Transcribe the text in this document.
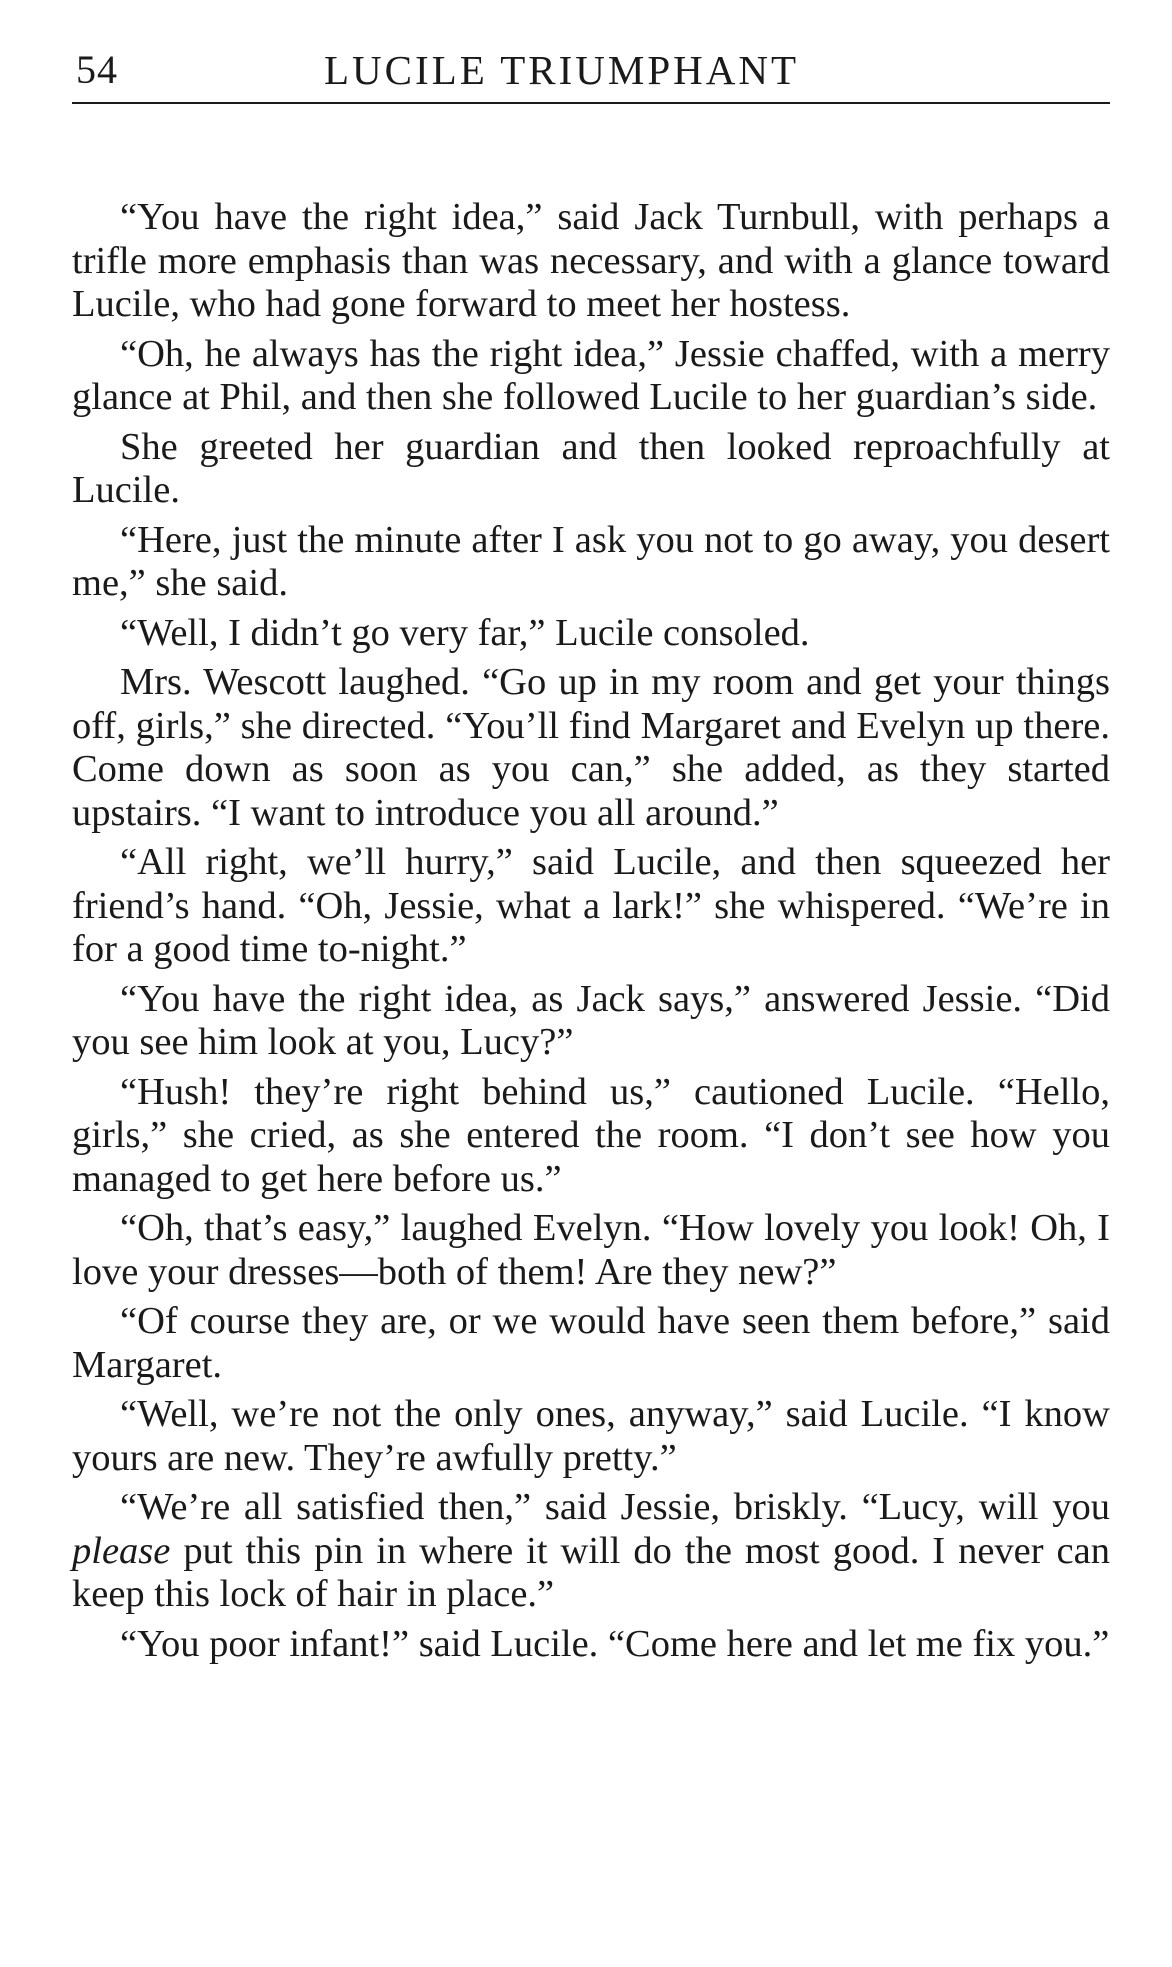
54	LUCILE TRIUMPHANT

“You have the right idea,” said Jack Turnbull, with perhaps a trifle more emphasis than was necessary, and with a glance toward Lucile, who had gone forward to meet her hostess.

“Oh, he always has the right idea,” Jessie chaffed, with a merry glance at Phil, and then she followed Lucile to her guardian’s side.

She greeted her guardian and then looked reproachfully at Lucile.

“Here, just the minute after I ask you not to go away, you desert me,” she said.

“Well, I didn’t go very far,” Lucile consoled.

Mrs. Wescott laughed. “Go up in my room and get your things off, girls,” she directed. “You’ll find Margaret and Evelyn up there. Come down as soon as you can,” she added, as they started upstairs. “I want to introduce you all around.”

“All right, we’ll hurry,” said Lucile, and then squeezed her friend’s hand. “Oh, Jessie, what a lark!” she whispered. “We’re in for a good time to-night.”

“You have the right idea, as Jack says,” answered Jessie. “Did you see him look at you, Lucy?”

“Hush! they’re right behind us,” cautioned Lucile. “Hello, girls,” she cried, as she entered the room. “I don’t see how you managed to get here before us.”

“Oh, that’s easy,” laughed Evelyn. “How lovely you look! Oh, I love your dresses—both of them! Are they new?”

“Of course they are, or we would have seen them before,” said Margaret.

“Well, we’re not the only ones, anyway,” said Lucile. “I know yours are new. They’re awfully pretty.”

“We’re all satisfied then,” said Jessie, briskly. “Lucy, will you please put this pin in where it will do the most good. I never can keep this lock of hair in place.”

“You poor infant!” said Lucile. “Come here and let me fix you.”
